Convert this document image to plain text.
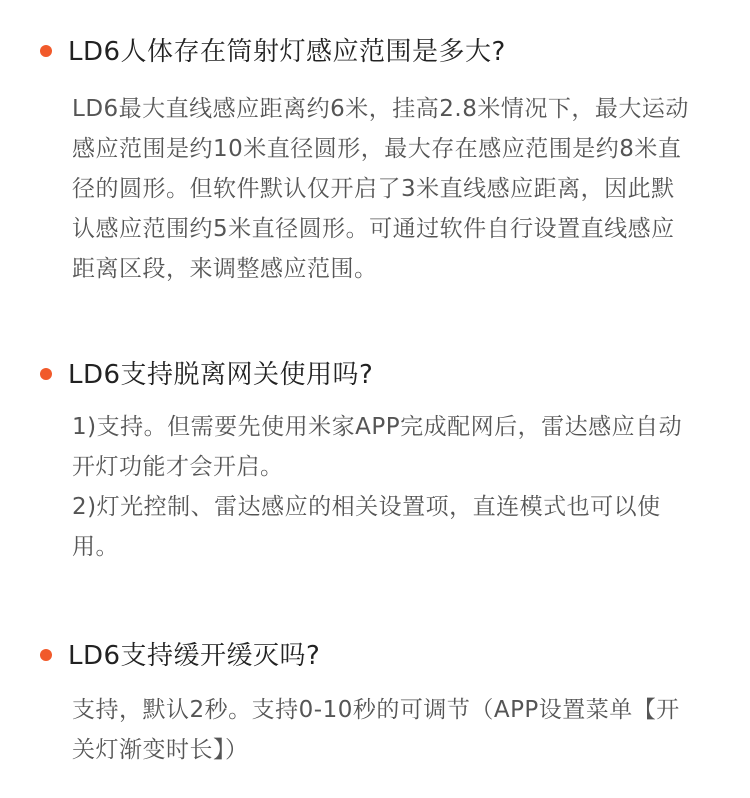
LD6人体存在筒射灯感应范围是多大?

LD6最大直线感应距离约6米，挂高2.8米情况下，最大运动感应范围是约10米直径圆形，最大存在感应范围是约8米直径的圆形。但软件默认仅开启了3米直线感应距离，因此默认感应范围约5米直径圆形。可通过软件自行设置直线感应距离区段，来调整感应范围。

LD6支持脱离网关使用吗?

1)支持。但需要先使用米家APP完成配网后，雷达感应自动开灯功能才会开启。

2)灯光控制、雷达感应的相关设置项，直连模式也可以使用。

LD6支持缓开缓灭吗?

支持，默认2秒。支持0-10秒的可调节（APP设置菜单【开关灯渐变时长】）
